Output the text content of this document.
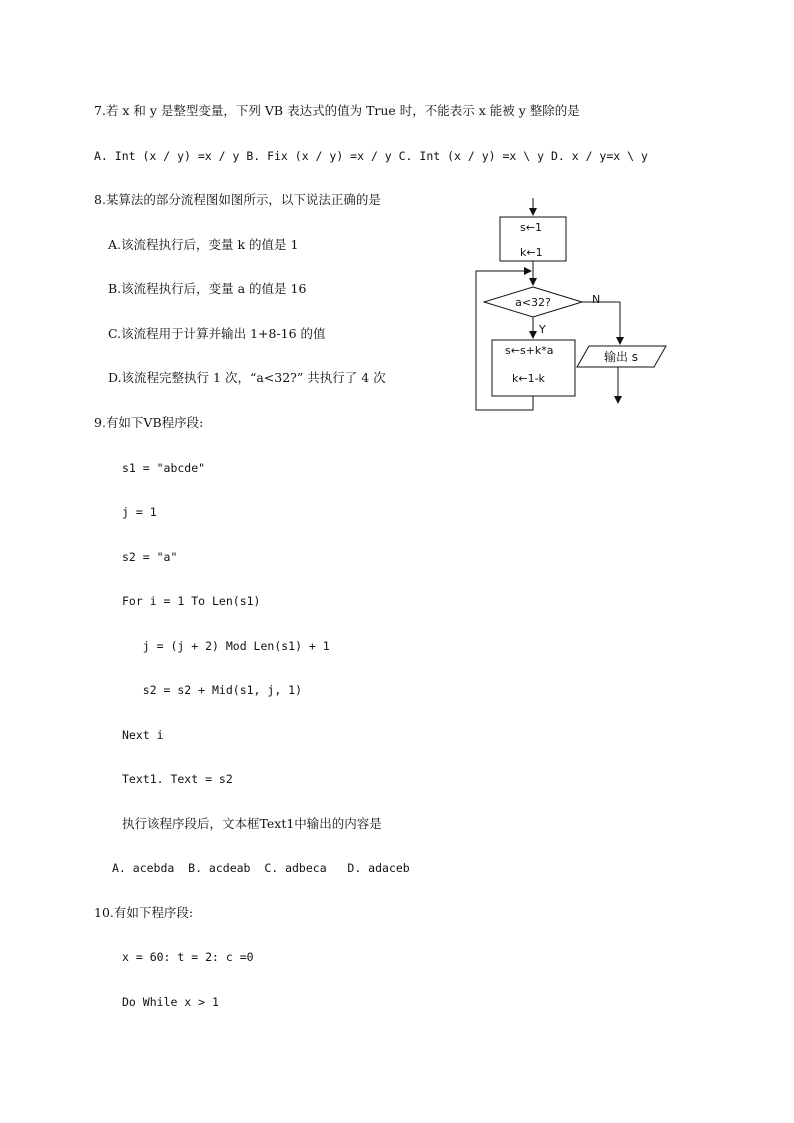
7.若 x 和 y 是整型变量，下列 VB 表达式的值为 True 时，不能表示 x 能被 y 整除的是
A. Int (x / y) =x / y B. Fix (x / y) =x / y C. Int (x / y) =x \ y D. x / y=x \ y
8.某算法的部分流程图如图所示，以下说法正确的是
A.该流程执行后，变量 k 的值是 1
B.该流程执行后，变量 a 的值是 16
C.该流程用于计算并输出 1+8-16 的值
D.该流程完整执行 1 次，“a<32?” 共执行了 4 次
s←1
k←1
a<32?	N
Y
s←s+k*a
k←1-k
输出 s
9.有如下VB程序段:
s1 = "abcde"
j = 1
s2 = "a"
For i = 1 To Len(s1)
j = (j + 2) Mod Len(s1) + 1
s2 = s2 + Mid(s1, j, 1)
Next i
Text1. Text = s2
执行该程序段后，文本框Text1中输出的内容是
A. acebda  B. acdeab  C. adbeca   D. adaceb
10.有如下程序段:
x = 60: t = 2: c =0
Do While x > 1
